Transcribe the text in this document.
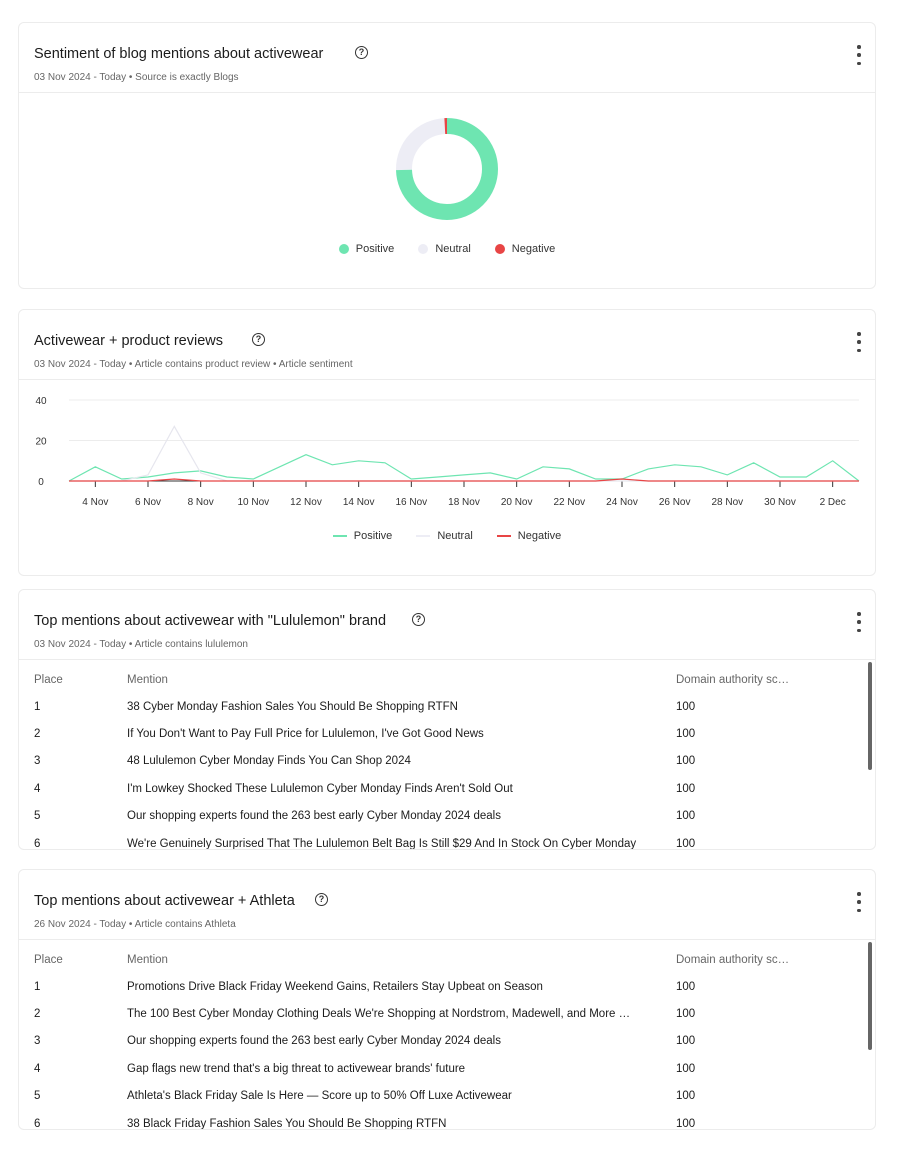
Sentiment of blog mentions about activewear	?
03 Nov 2024 - Today • Source is exactly Blogs
Positive	Neutral	Negative
Activewear + product reviews	?
03 Nov 2024 - Today • Article contains product review • Article sentiment
0
20
40
4 Nov	6 Nov	8 Nov 10 Nov 12 Nov 14 Nov 16 Nov 18 Nov 20 Nov 22 Nov 24 Nov 26 Nov 28 Nov 30 Nov 2 Dec
Positive	Neutral	Negative
Top mentions about activewear with "Lululemon" brand	?
03 Nov 2024 - Today • Article contains lululemon
Place	Mention	Domain authority sc…
1	38 Cyber Monday Fashion Sales You Should Be Shopping RTFN	100
2	If You Don't Want to Pay Full Price for Lululemon, I've Got Good News	100
3	48 Lululemon Cyber Monday Finds You Can Shop 2024	100
4	I'm Lowkey Shocked These Lululemon Cyber Monday Finds Aren't Sold Out	100
5	Our shopping experts found the 263 best early Cyber Monday 2024 deals	100
6	We're Genuinely Surprised That The Lululemon Belt Bag Is Still $29 And In Stock On Cyber Monday	100
Top mentions about activewear + Athleta	?
26 Nov 2024 - Today • Article contains Athleta
Place	Mention	Domain authority sc…
1	Promotions Drive Black Friday Weekend Gains, Retailers Stay Upbeat on Season	100
2	The 100 Best Cyber Monday Clothing Deals We're Shopping at Nordstrom, Madewell, and More …	100
3	Our shopping experts found the 263 best early Cyber Monday 2024 deals	100
4	Gap flags new trend that's a big threat to activewear brands' future	100
5	Athleta's Black Friday Sale Is Here — Score up to 50% Off Luxe Activewear	100
6	38 Black Friday Fashion Sales You Should Be Shopping RTFN	100
